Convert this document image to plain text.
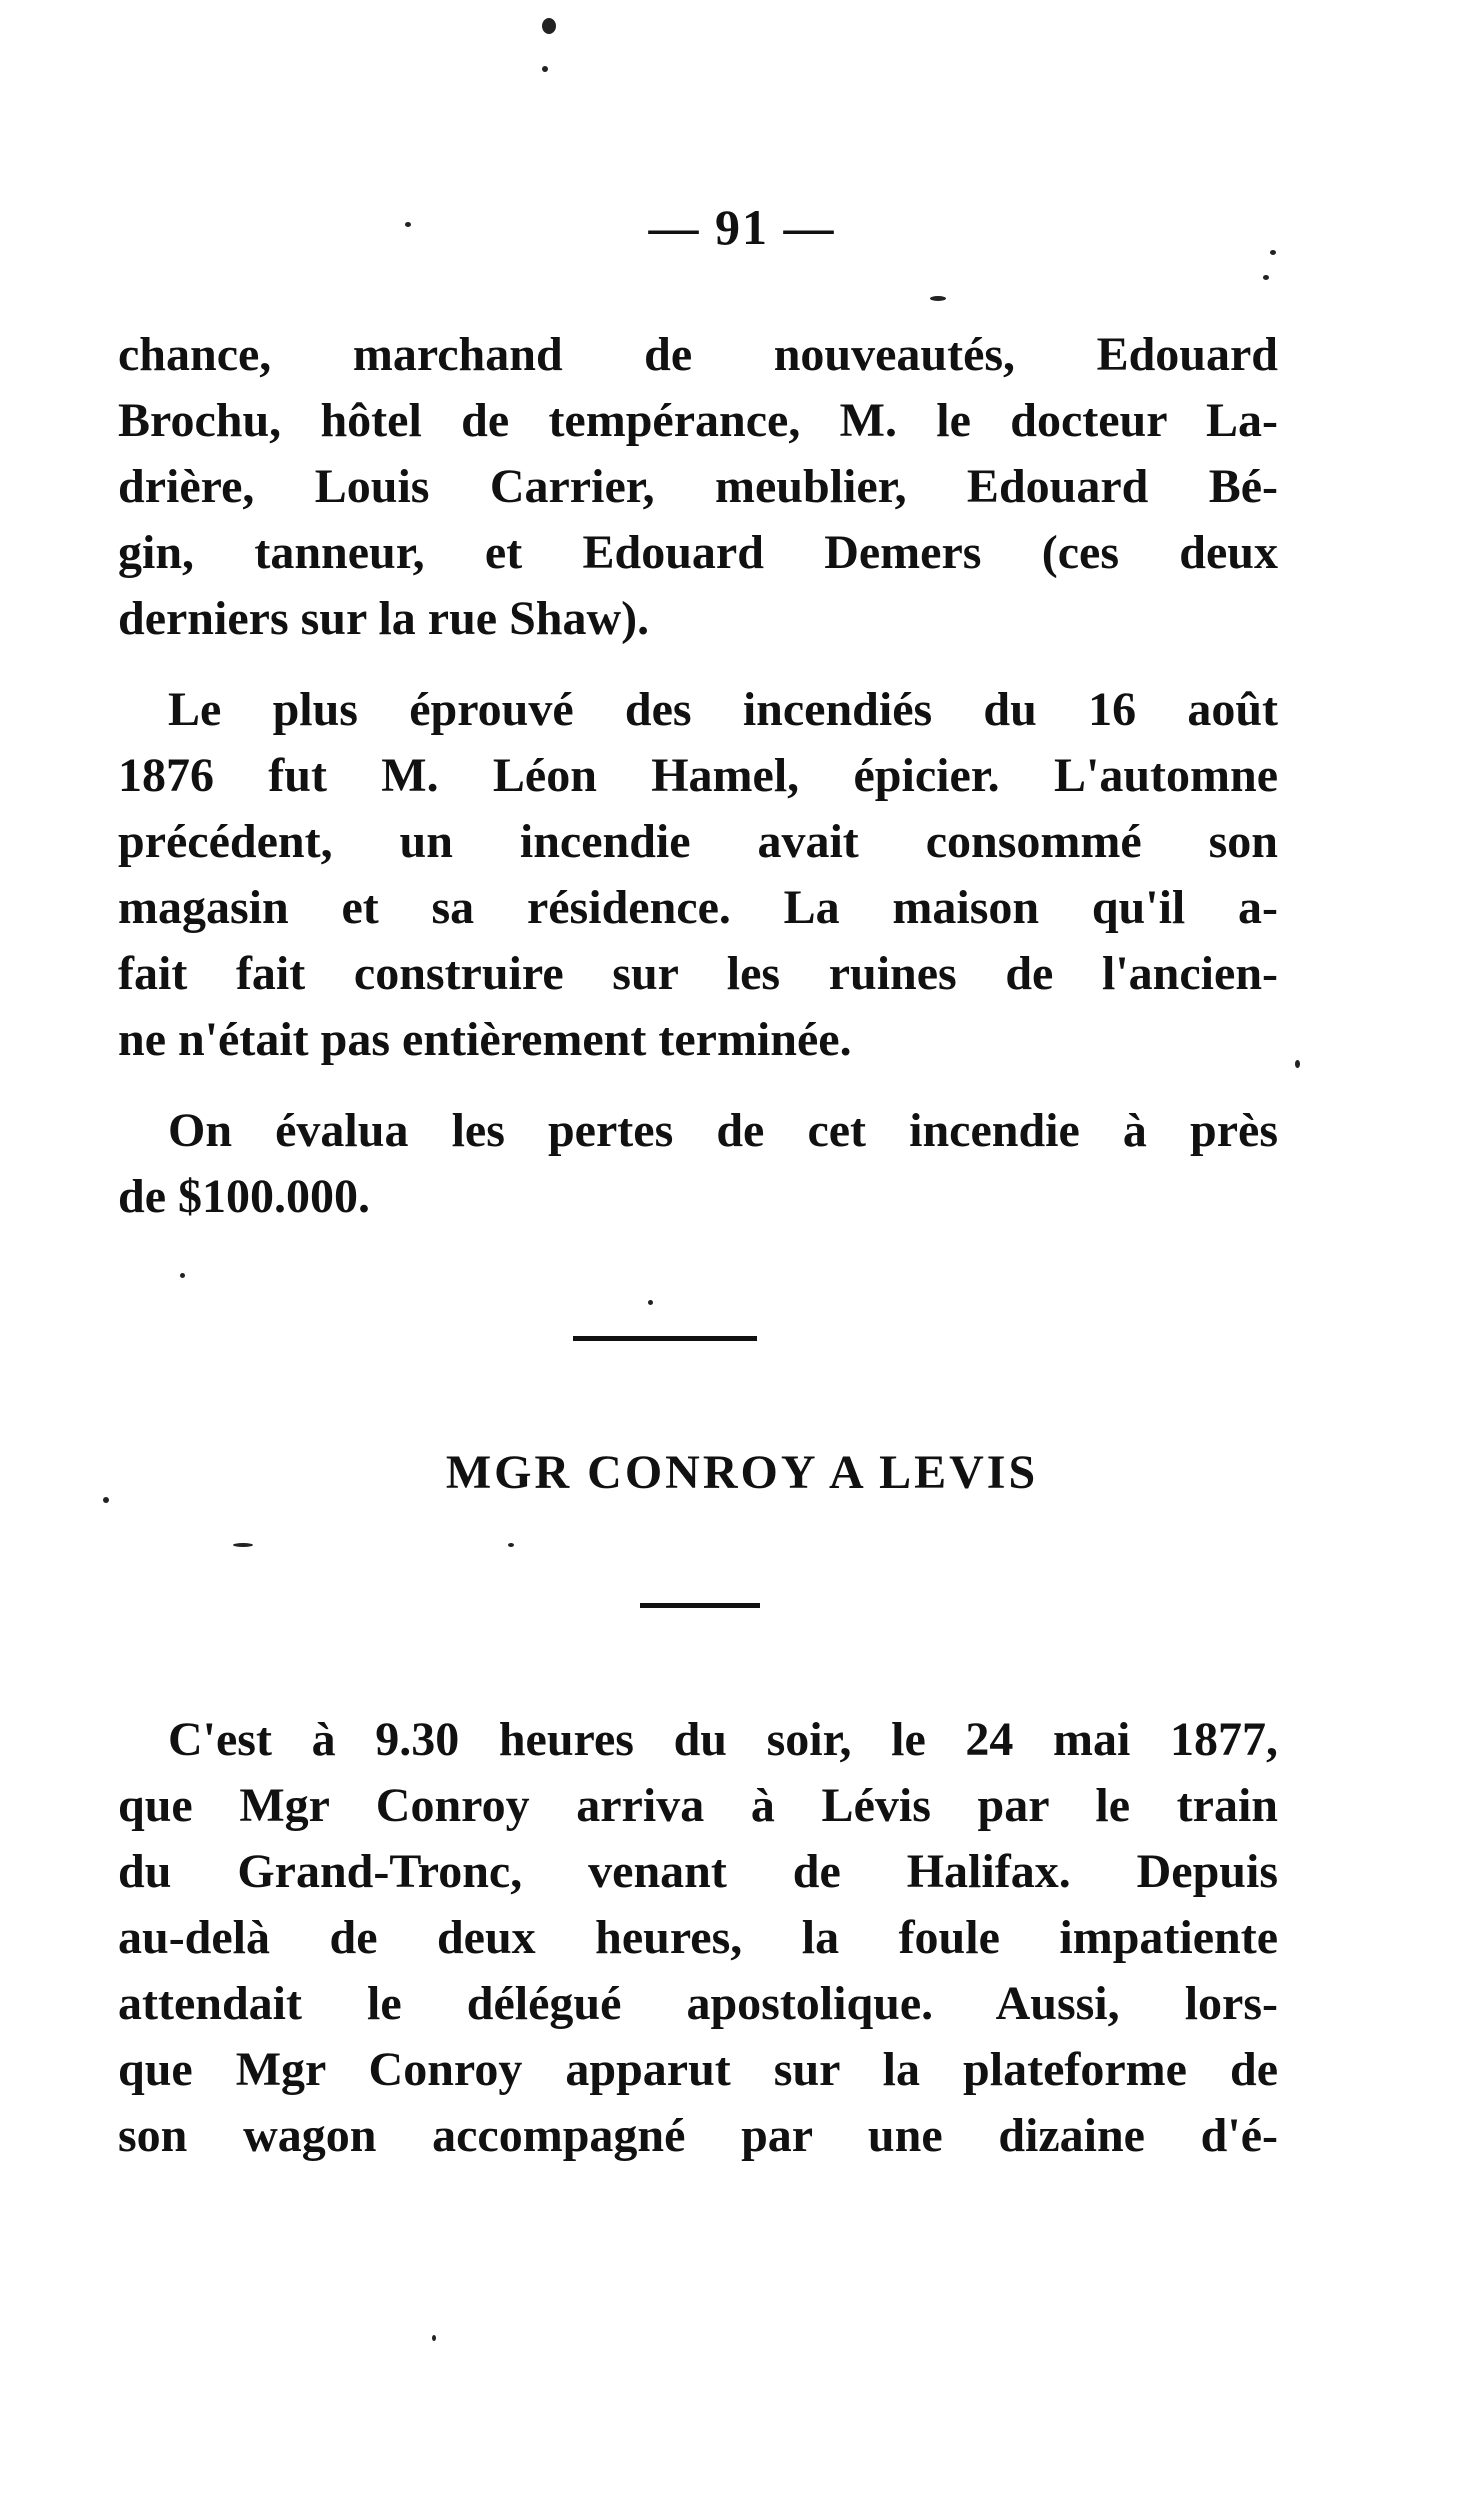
— 91 —
chance, marchand de nouveautés, Edouard
Brochu, hôtel de tempérance, M. le docteur La-
drière, Louis Carrier, meublier, Edouard Bé-
gin, tanneur, et Edouard Demers (ces deux
derniers sur la rue Shaw).
Le plus éprouvé des incendiés du 16 août
1876 fut M. Léon Hamel, épicier. L'automne
précédent, un incendie avait consommé son
magasin et sa résidence. La maison qu'il a-
fait fait construire sur les ruines de l'ancien-
ne n'était pas entièrement terminée.
On évalua les pertes de cet incendie à près
de $100.000.
MGR CONROY A LEVIS
C'est à 9.30 heures du soir, le 24 mai 1877,
que Mgr Conroy arriva à Lévis par le train
du Grand-Tronc, venant de Halifax. Depuis
au-delà de deux heures, la foule impatiente
attendait le délégué apostolique. Aussi, lors-
que Mgr Conroy apparut sur la plateforme de
son wagon accompagné par une dizaine d'é-
